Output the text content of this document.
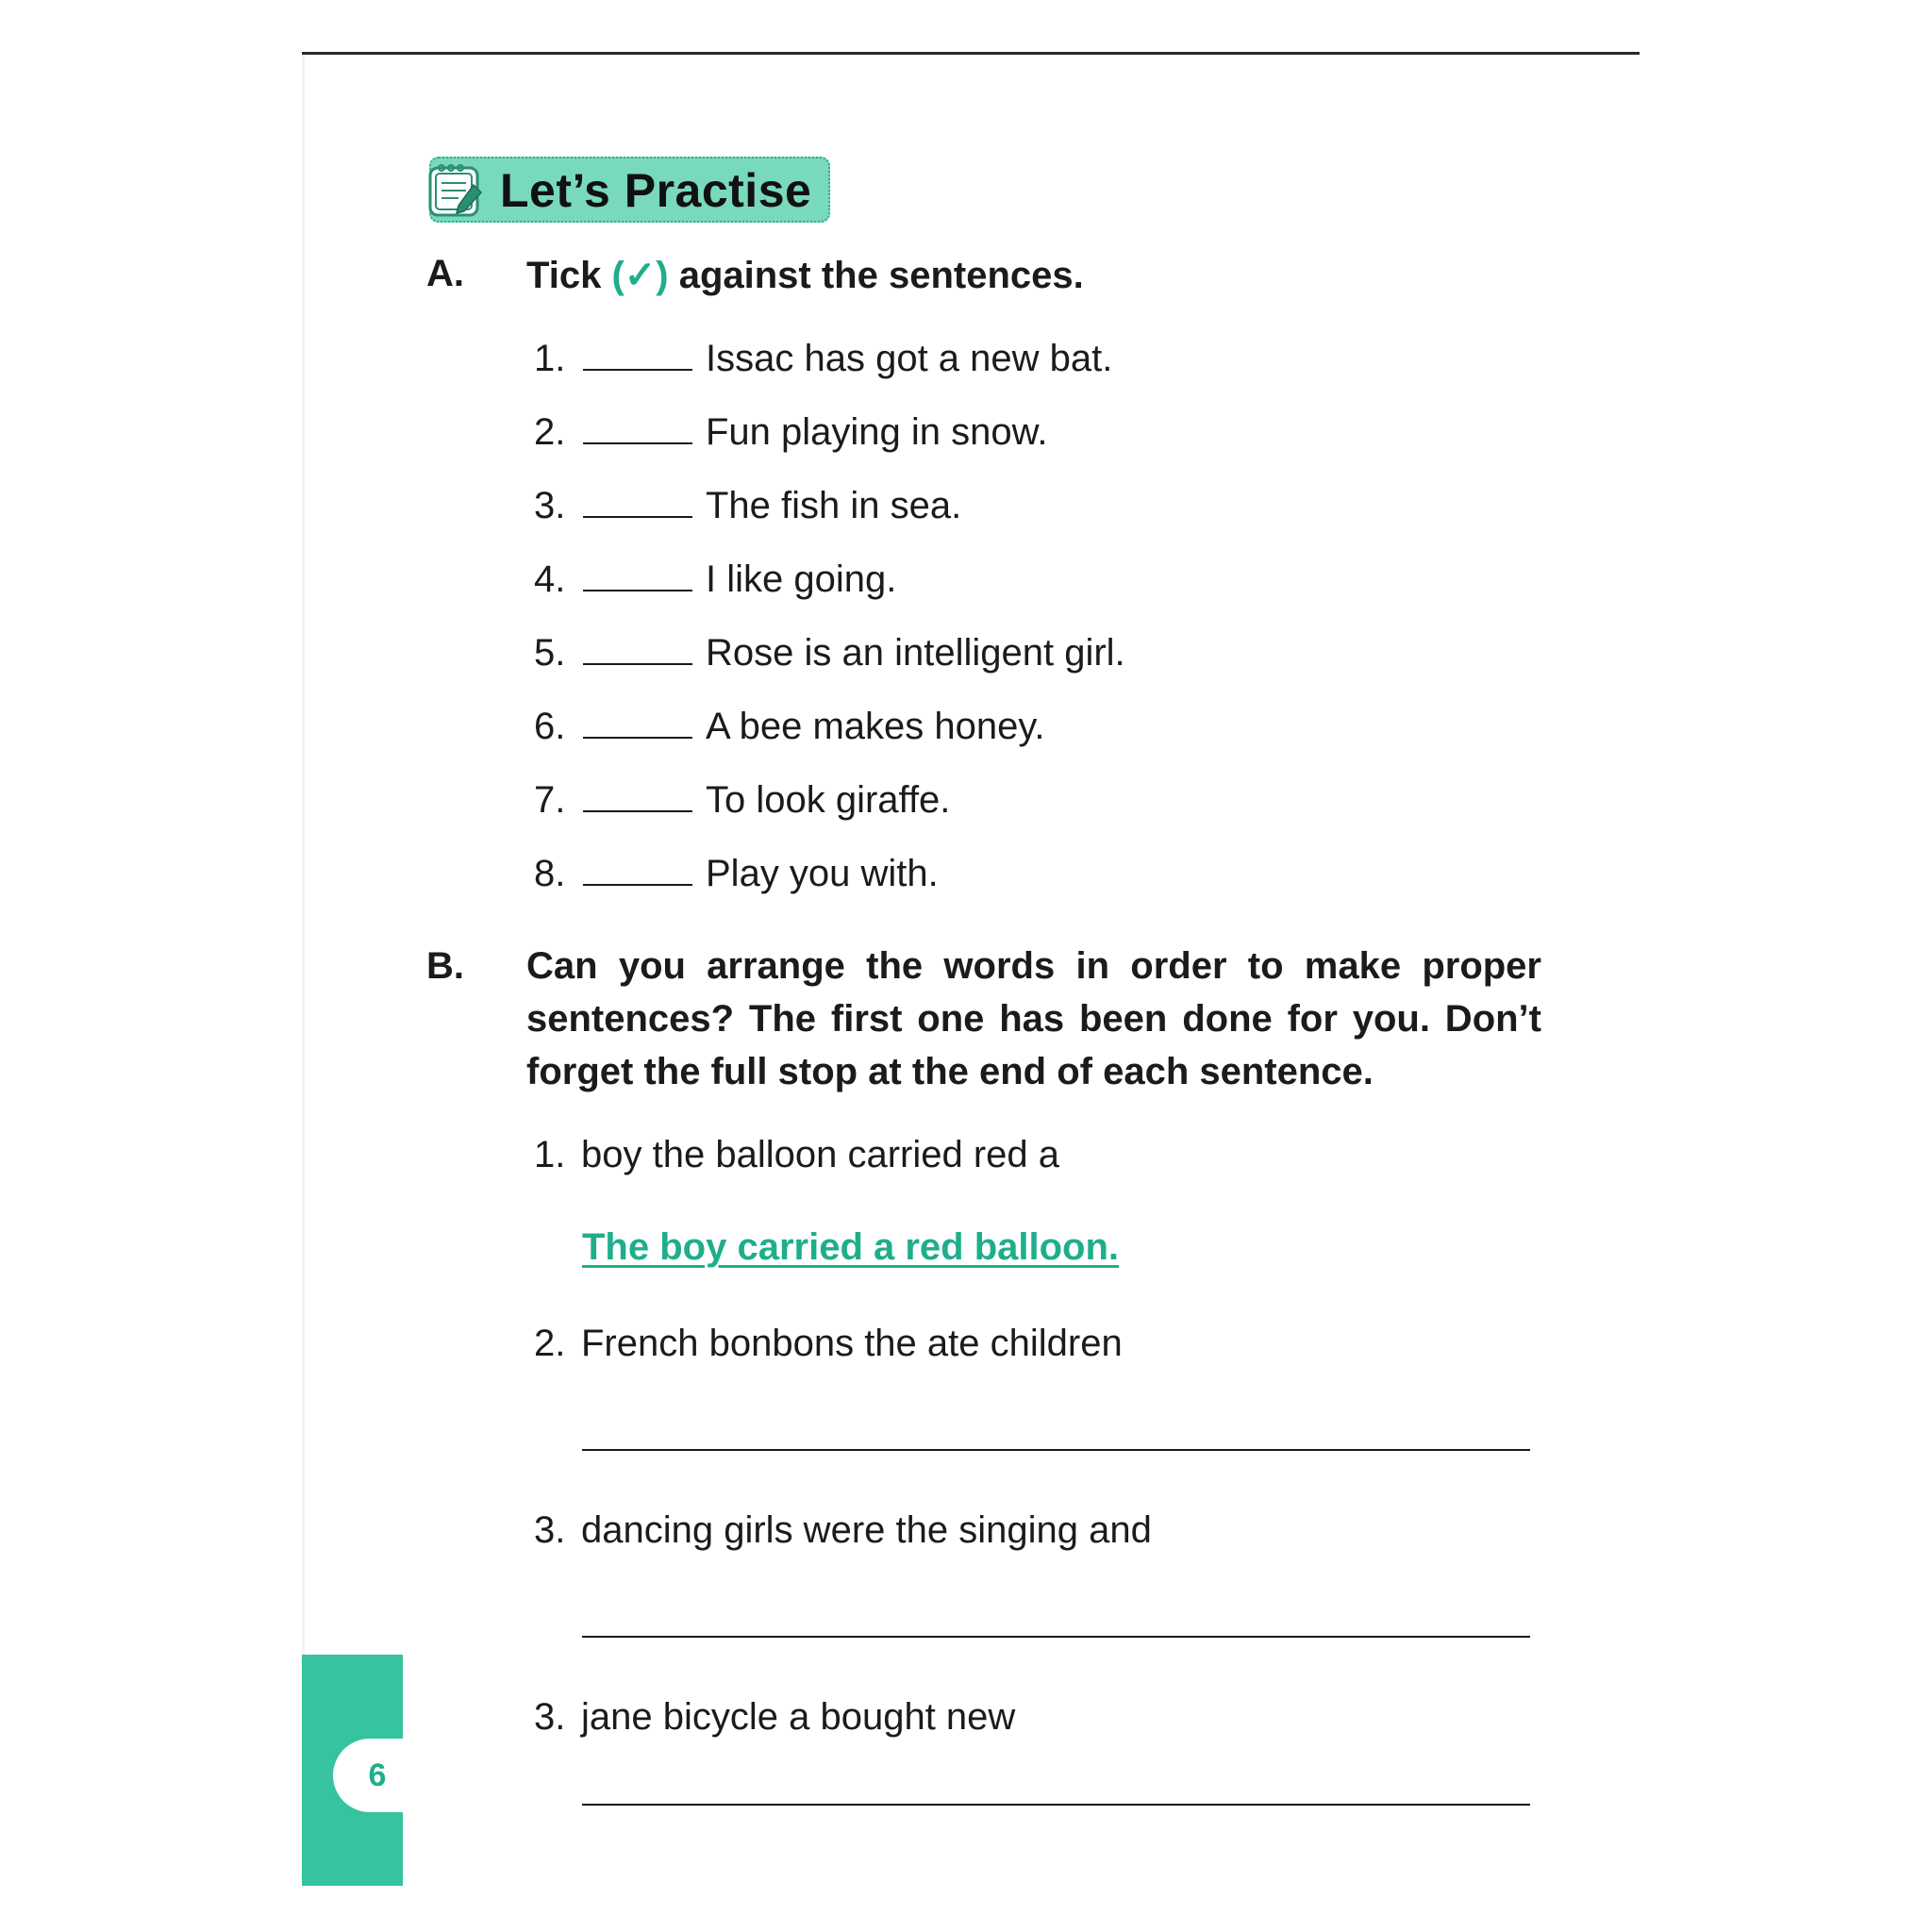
Let’s Practise
A. Tick (✓) against the sentences.
1.	Issac has got a new bat.
2.	Fun playing in snow.
3.	The fish in sea.
4.	I like going.
5.	Rose is an intelligent girl.
6.	A bee makes honey.
7.	To look giraffe.
8.	Play you with.
B. Can you arrange the words in order to make proper sentences? The first one has been done for you. Don’t forget the full stop at the end of each sentence.
1. boy the balloon carried red a
The boy carried a red balloon.
2. French bonbons the ate children
3. dancing girls were the singing and
3. jane bicycle a bought new
6
